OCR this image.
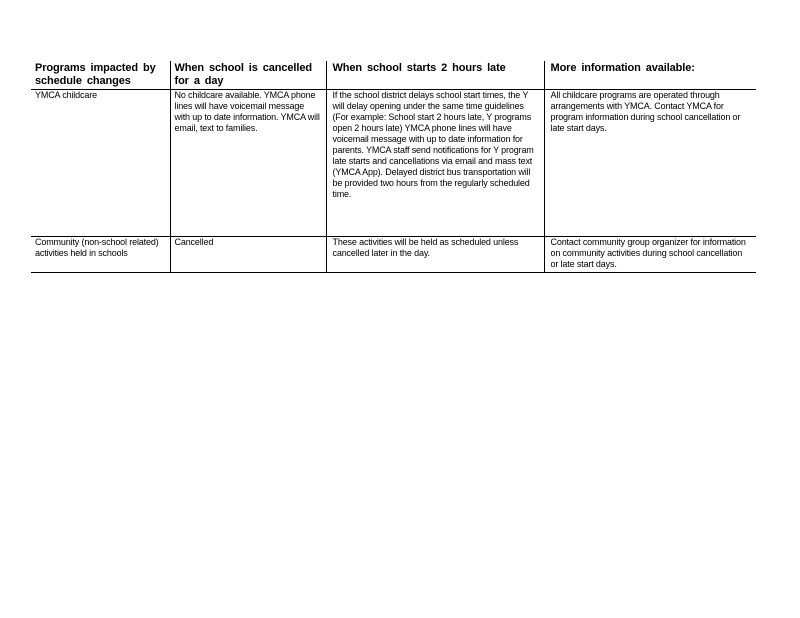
Programs impacted by schedule changes	When school is cancelled for a day	When school starts 2 hours late	More information available:
YMCA childcare	No childcare available. YMCA phone lines will have voicemail message with up to date information. YMCA will email, text to families.	If the school district delays school start times, the Y will delay opening under the same time guidelines (For example: School start 2 hours late, Y programs open 2 hours late) YMCA phone lines will have voicemail message with up to date information for parents. YMCA staff send notifications for Y program late starts and cancellations via email and mass text (YMCA App). Delayed district bus transportation will be provided two hours from the regularly scheduled time.	All childcare programs are operated through arrangements with YMCA. Contact YMCA for program information during school cancellation or late start days.
Community (non-school related) activities held in schools	Cancelled	These activities will be held as scheduled unless cancelled later in the day.	Contact community group organizer for information on community activities during school cancellation or late start days.
